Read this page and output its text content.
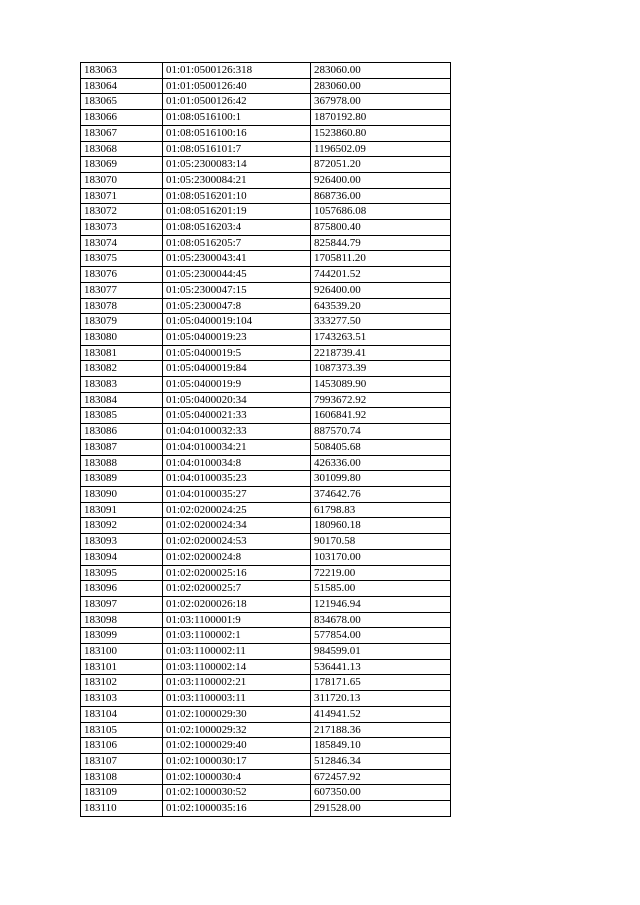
183063	01:01:0500126:318	283060.00
183064	01:01:0500126:40	283060.00
183065	01:01:0500126:42	367978.00
183066	01:08:0516100:1	1870192.80
183067	01:08:0516100:16	1523860.80
183068	01:08:0516101:7	1196502.09
183069	01:05:2300083:14	872051.20
183070	01:05:2300084:21	926400.00
183071	01:08:0516201:10	868736.00
183072	01:08:0516201:19	1057686.08
183073	01:08:0516203:4	875800.40
183074	01:08:0516205:7	825844.79
183075	01:05:2300043:41	1705811.20
183076	01:05:2300044:45	744201.52
183077	01:05:2300047:15	926400.00
183078	01:05:2300047:8	643539.20
183079	01:05:0400019:104	333277.50
183080	01:05:0400019:23	1743263.51
183081	01:05:0400019:5	2218739.41
183082	01:05:0400019:84	1087373.39
183083	01:05:0400019:9	1453089.90
183084	01:05:0400020:34	7993672.92
183085	01:05:0400021:33	1606841.92
183086	01:04:0100032:33	887570.74
183087	01:04:0100034:21	508405.68
183088	01:04:0100034:8	426336.00
183089	01:04:0100035:23	301099.80
183090	01:04:0100035:27	374642.76
183091	01:02:0200024:25	61798.83
183092	01:02:0200024:34	180960.18
183093	01:02:0200024:53	90170.58
183094	01:02:0200024:8	103170.00
183095	01:02:0200025:16	72219.00
183096	01:02:0200025:7	51585.00
183097	01:02:0200026:18	121946.94
183098	01:03:1100001:9	834678.00
183099	01:03:1100002:1	577854.00
183100	01:03:1100002:11	984599.01
183101	01:03:1100002:14	536441.13
183102	01:03:1100002:21	178171.65
183103	01:03:1100003:11	311720.13
183104	01:02:1000029:30	414941.52
183105	01:02:1000029:32	217188.36
183106	01:02:1000029:40	185849.10
183107	01:02:1000030:17	512846.34
183108	01:02:1000030:4	672457.92
183109	01:02:1000030:52	607350.00
183110	01:02:1000035:16	291528.00
